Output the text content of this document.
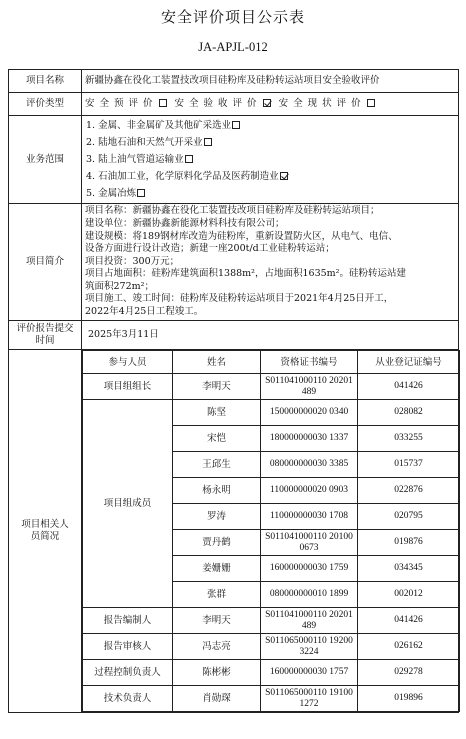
安全评价项目公示表
JA-APJL-012
项目名称	新疆协鑫在役化工装置技改项目硅粉库及硅粉转运站项目安全验收评价
评价类型	安全预评价 安全验收评价 安全现状评价
业务范围	
1. 金属、非金属矿及其他矿采选业
2. 陆地石油和天然气开采业
3. 陆上油气管道运输业
4. 石油加工业，化学原料化学品及医药制造业
5. 金属冶炼

项目简介	
项目名称：新疆协鑫在役化工装置技改项目硅粉库及硅粉转运站项目；
建设单位：新疆协鑫新能源材料科技有限公司；
建设规模：将189钢材库改造为硅粉库，重新设置防火区，从电气、电信、
设备方面进行设计改造；新建一座200t/d工业硅粉转运站；
项目投资：300万元；
项目占地面积：硅粉库建筑面积1388m²，占地面积1635m²。硅粉转运站建
筑面积272m²；
项目施工、竣工时间：硅粉库及硅粉转运站项目于2021年4月25日开工，
2022年4月25日工程竣工。

评价报告提交时间	2025年3月11日
项目相关人员简况	
参与人员	姓名	资格证书编号	从业登记证编号
项目组组长	李明天	S011041000110 20201489	041426
项目组成员	陈坚	150000000020 0340	028082
宋恺	180000000030 1337	033255
王邱生	080000000030 3385	015737
杨永明	110000000020 0903	022876
罗涛	110000000030 1708	020795
贾丹鹤	S011041000110 201000673	019876
姜姗姗	160000000030 1759	034345
张群	080000000010 1899	002012
报告编制人	李明天	S011041000110 20201489	041426
报告审核人	冯志亮	S011065000110 192003224	026162
过程控制负责人	陈彬彬	160000000030 1757	029278
技术负责人	肖勋琛	S011065000110 191001272	019896
